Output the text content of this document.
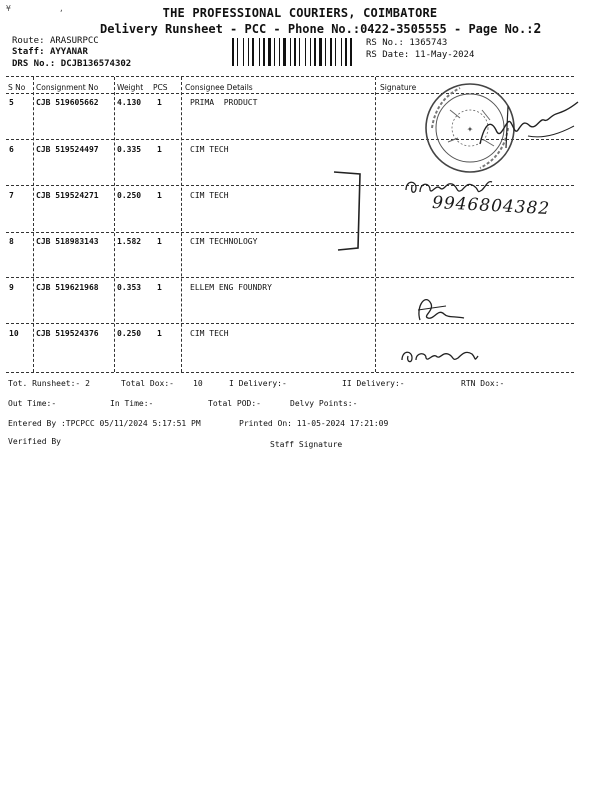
¥          ,	THE PROFESSIONAL COURIERS, COIMBATORE
Delivery Runsheet - PCC - Phone No.:0422-3505555 - Page No.:2
Route: ARASURPCC
Staff: AYYANAR
DRS No.: DCJB136574302
RS No.: 1365743
RS Date: 11-May-2024
S No Consignment No Weight PCS Consignee Details	Signature
5	CJB 519605662 4.130 1	PRIMA  PRODUCT
6	CJB 519524497 0.335 1	CIM TECH
7	CJB 519524271 0.250 1	CIM TECH
8	CJB 518983143 1.582 1	CIM TECHNOLOGY
9	CJB 519621968 0.353 1	ELLEM ENG FOUNDRY
10 CJB 519524376 0.250 1	CIM TECH
✦
9946804382
Tot. Runsheet:- 2	Total Dox:- 10	I Delivery:-	II Delivery:-	RTN Dox:-
Out Time:-	In Time:-	Total POD:-	Delvy Points:-
Entered By :TPCPCC 05/11/2024 5:17:51 PM	Printed On: 11-05-2024 17:21:09
Verified By	Staff Signature
